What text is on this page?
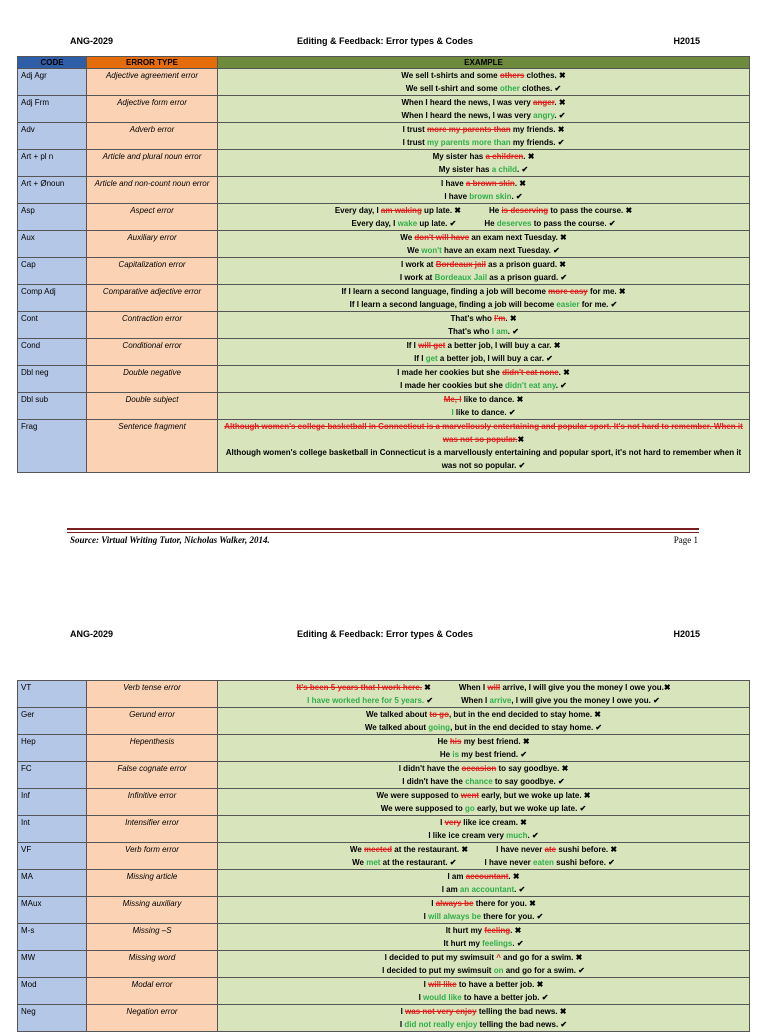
ANG-2029	Editing & Feedback: Error types & Codes	H2015
CODE	ERROR TYPE	EXAMPLE
Adj Agr	Adjective agreement error	We sell t-shirts and some others clothes. ✖
We sell t-shirt and some other clothes. ✔

Adj Frm	Adjective form error	When I heard the news, I was very anger. ✖
When I heard the news, I was very angry. ✔

Adv	Adverb error	I trust more my parents than my friends. ✖
I trust my parents more than my friends. ✔

Art + pl n	Article and plural noun error	My sister has a children. ✖
My sister has a child. ✔

Art + Ønoun	Article and non-count noun error	I have a brown skin. ✖
I have brown skin. ✔

Asp	Aspect error	Every day, I am waking up late. ✖ He is deserving to pass the course. ✖
Every day, I wake up late. ✔ He deserves to pass the course. ✔

Aux	Auxiliary error	We don't will have an exam next Tuesday. ✖
We won't have an exam next Tuesday. ✔

Cap	Capitalization error	I work at Bordeaux jail as a prison guard. ✖
I work at Bordeaux Jail as a prison guard. ✔

Comp Adj	Comparative adjective error	If I learn a second language, finding a job will become more easy for me. ✖
If I learn a second language, finding a job will become easier for me. ✔

Cont	Contraction error	That's who I'm. ✖
That's who I am. ✔

Cond	Conditional error	If I will get a better job, I will buy a car. ✖
If I get a better job, I will buy a car. ✔

Dbl neg	Double negative	I made her cookies but she didn't eat none. ✖
I made her cookies but she didn't eat any. ✔

Dbl sub	Double subject	Me, I like to dance. ✖
I like to dance. ✔

Frag	Sentence fragment	Although women's college basketball in Connecticut is a marvellously entertaining and popular sport. It's not hard to remember. When it was not so popular.✖
Although women's college basketball in Connecticut is a marvellously entertaining and popular sport, it's not hard to remember when it was not so popular. ✔
Source: Virtual Writing Tutor, Nicholas Walker, 2014.	Page 1
ANG-2029	Editing & Feedback: Error types & Codes	H2015
VT	Verb tense error	It's been 5 years that I work here. ✖ When I will arrive, I will give you the money I owe you.✖
I have worked here for 5 years. ✔ When I arrive, I will give you the money I owe you. ✔

Ger	Gerund error	We talked about to go, but in the end decided to stay home. ✖
We talked about going, but in the end decided to stay home. ✔

Hep	Hepenthesis	He his my best friend. ✖
He is my best friend. ✔

FC	False cognate error	I didn't have the occasion to say goodbye. ✖
I didn't have the chance to say goodbye. ✔

Inf	Infinitive error	We were supposed to went early, but we woke up late. ✖
We were supposed to go early, but we woke up late. ✔

Int	Intensifier error	I very like ice cream. ✖
I like ice cream very much. ✔

VF	Verb form error	We meeted at the restaurant. ✖ I have never ate sushi before. ✖
We met at the restaurant. ✔ I have never eaten sushi before. ✔

MA	Missing article	I am accountant. ✖
I am an accountant. ✔

MAux	Missing auxiliary	I always be there for you. ✖
I will always be there for you. ✔

M-s	Missing –S	It hurt my feeling. ✖
It hurt my feelings. ✔

MW	Missing word	I decided to put my swimsuit ^ and go for a swim. ✖
I decided to put my swimsuit on and go for a swim. ✔

Mod	Modal error	I will like to have a better job. ✖
I would like to have a better job. ✔

Neg	Negation error	I was not very enjoy telling the bad news. ✖
I did not really enjoy telling the bad news. ✔
